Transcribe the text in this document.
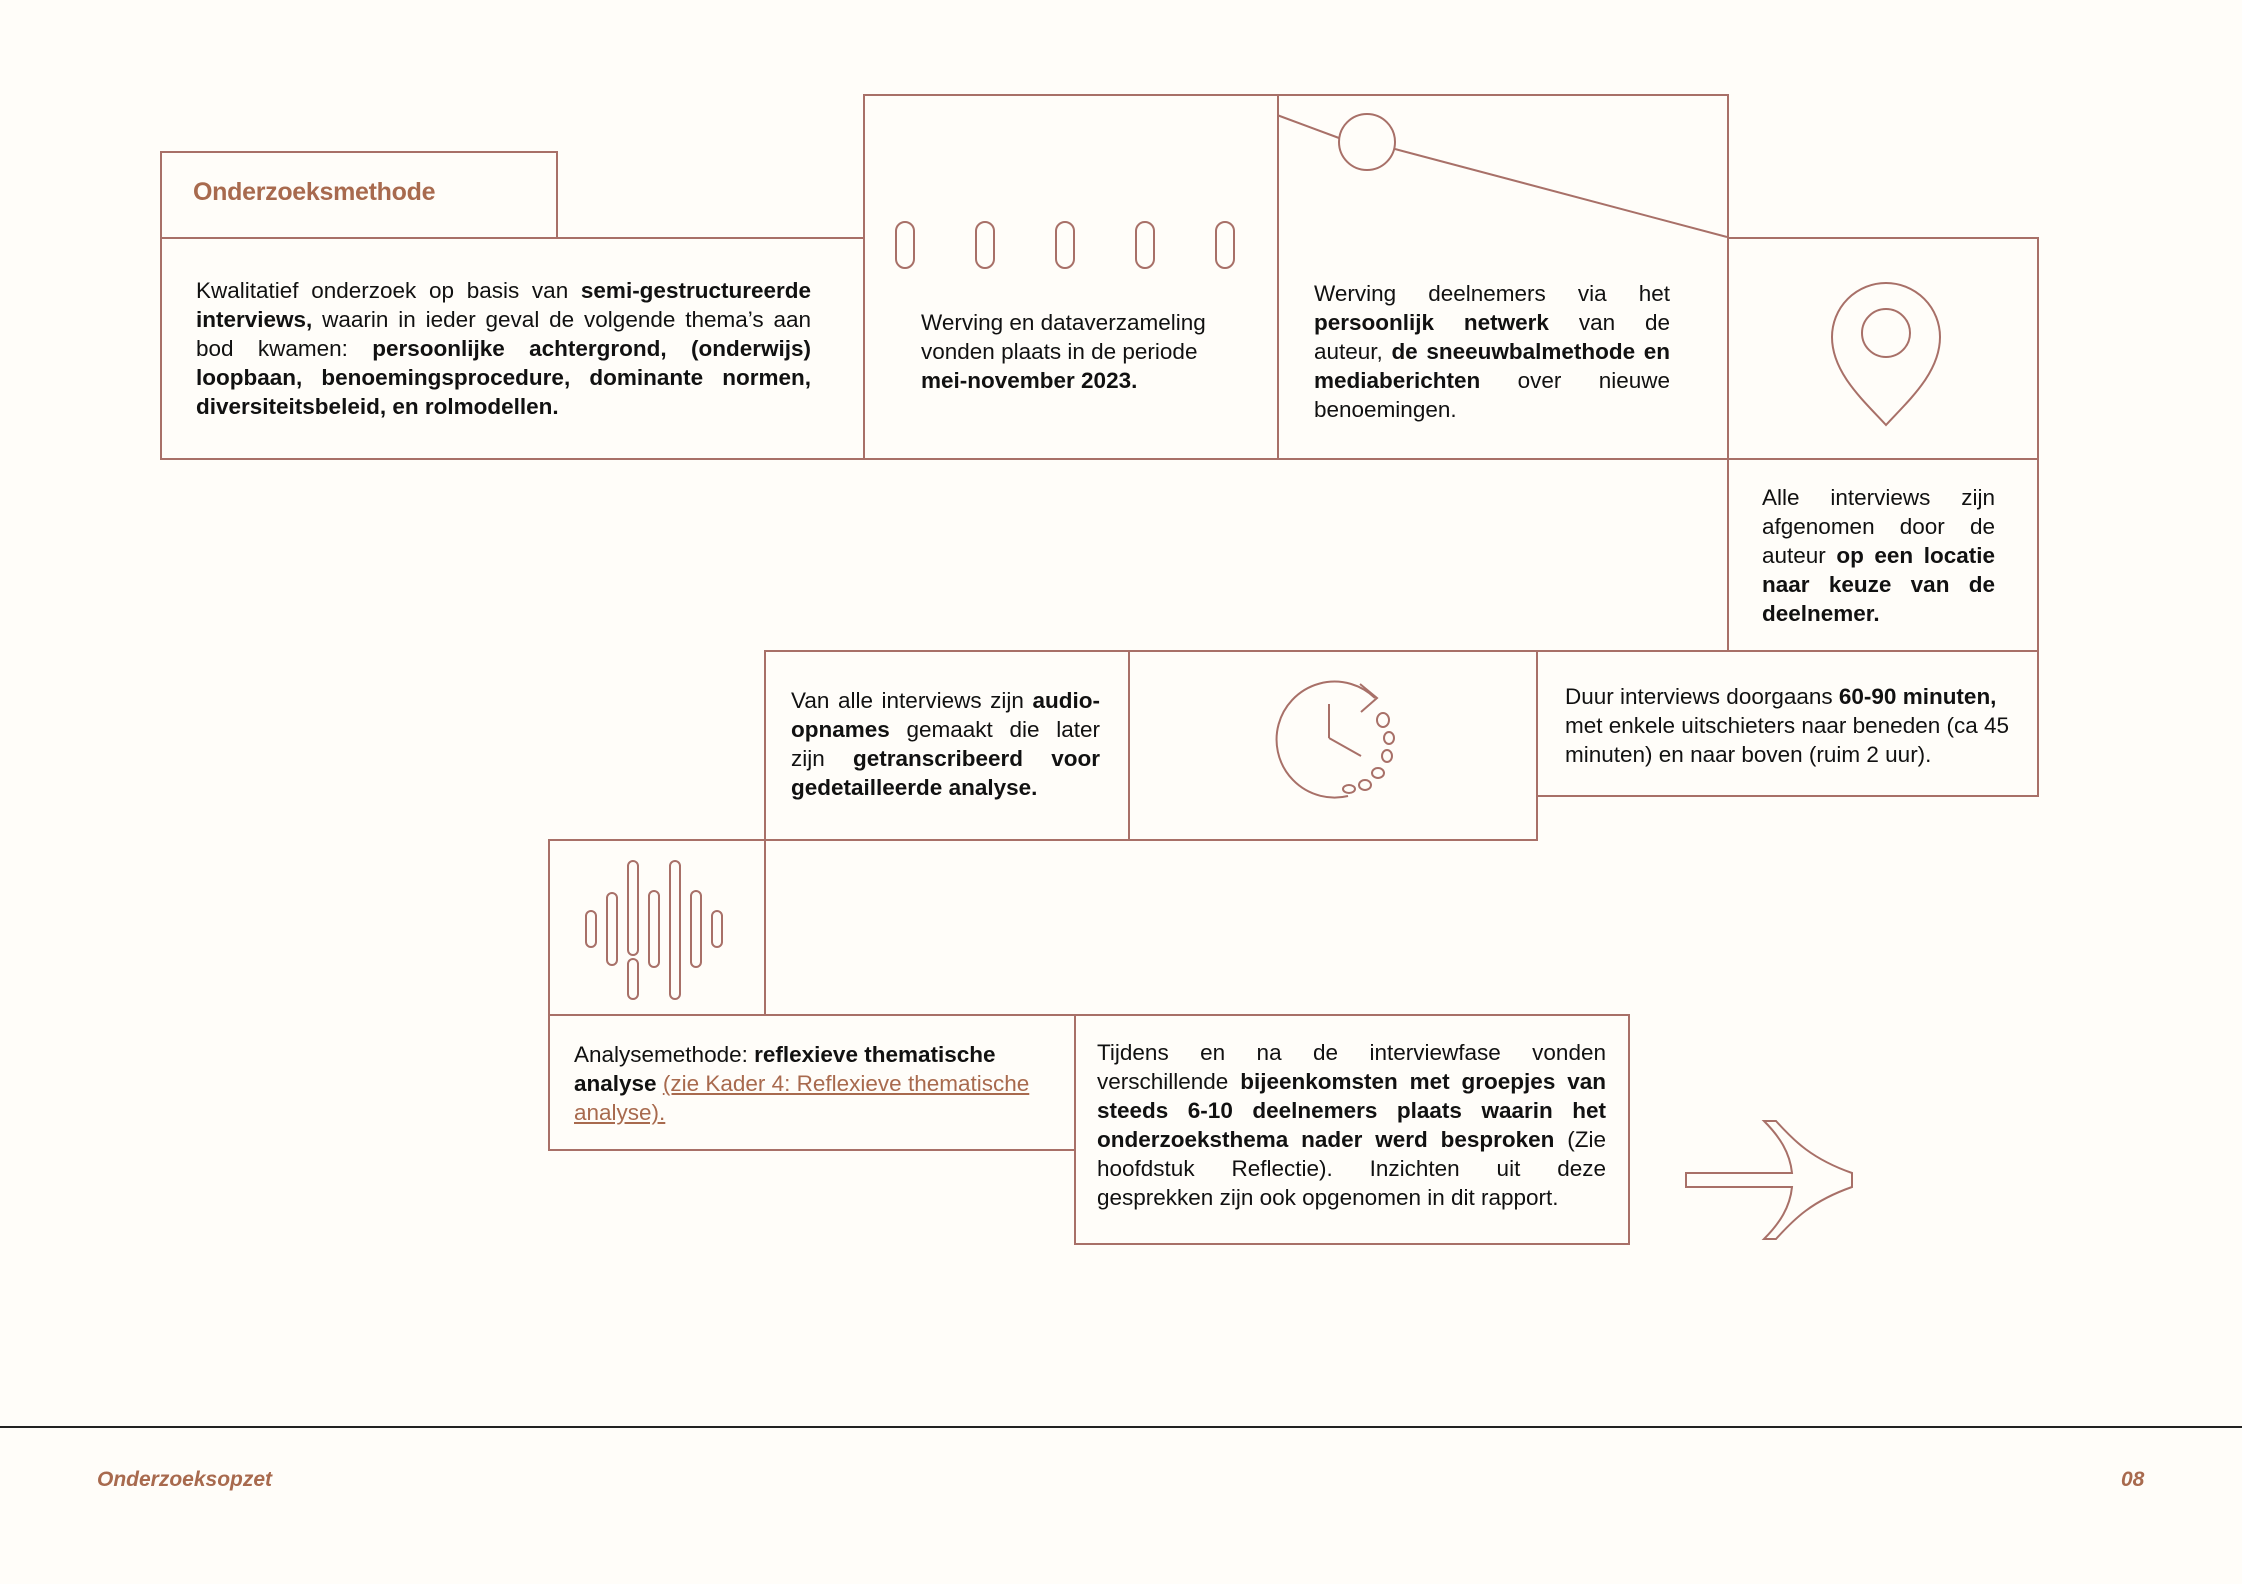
Onderzoeksmethode
Kwalitatief onderzoek op basis van semi-gestructureerde interviews, waarin in ieder geval de volgende thema’s aan bod kwamen: persoonlijke achtergrond, (onderwijs) loopbaan, benoemingsprocedure, dominante normen, diversiteitsbeleid, en rolmodellen.
Werving en dataverzameling vonden plaats in de periode mei-november 2023.
Werving deelnemers via het persoonlijk netwerk van de auteur, de sneeuwbalmethode en mediaberichten over nieuwe benoemingen.
Alle interviews zijn afgenomen door de auteur op een locatie naar keuze van de deelnemer.
Van alle interviews zijn audio-opnames gemaakt die later zijn getranscribeerd voor gedetailleerde analyse.
Duur interviews doorgaans 60-90 minuten, met enkele uitschieters naar beneden (ca 45 minuten) en naar boven (ruim 2 uur).
Analysemethode: reflexieve thematische analyse (zie Kader 4: Reflexieve thematische analyse).
Tijdens en na de interviewfase vonden verschillende bijeenkomsten met groepjes van steeds 6-10 deelnemers plaats waarin het onderzoeksthema nader werd besproken (Zie hoofdstuk Reflectie). Inzichten uit deze gesprekken zijn ook opgenomen in dit rapport.
Onderzoeksopzet	08
